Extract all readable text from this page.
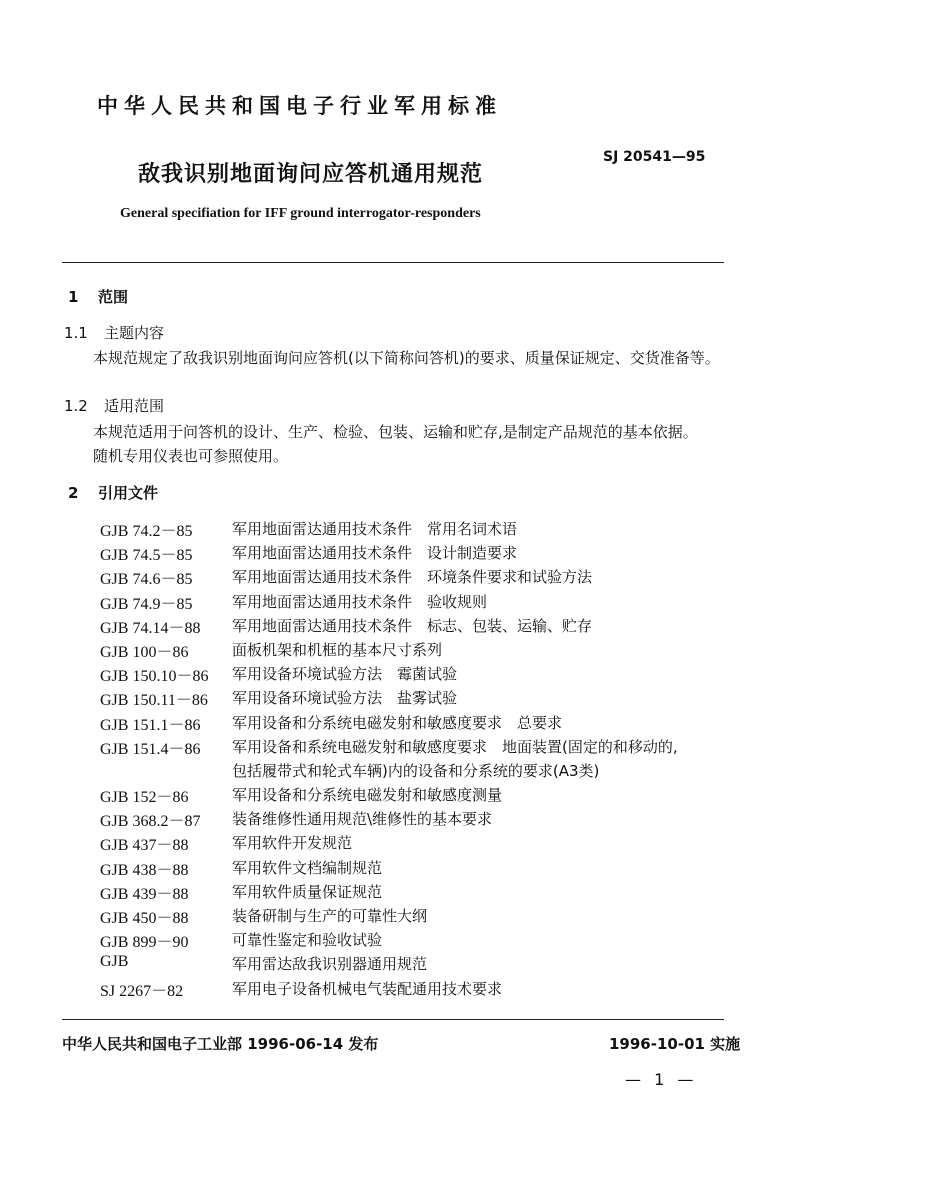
中华人民共和国电子行业军用标准
敌我识别地面询问应答机通用规范
SJ 20541—95
General specifiation for IFF ground interrogator-responders
1 范围
1.1 主题内容
本规范规定了敌我识别地面询问应答机(以下简称问答机)的要求、质量保证规定、交货准备等。
1.2 适用范围
本规范适用于问答机的设计、生产、检验、包装、运输和贮存,是制定产品规范的基本依据。
随机专用仪表也可参照使用。
2 引用文件
GJB 74.2－85	军用地面雷达通用技术条件　常用名词术语
GJB 74.5－85	军用地面雷达通用技术条件　设计制造要求
GJB 74.6－85	军用地面雷达通用技术条件　环境条件要求和试验方法
GJB 74.9－85	军用地面雷达通用技术条件　验收规则
GJB 74.14－88	军用地面雷达通用技术条件　标志、包装、运输、贮存
GJB 100－86	面板机架和机框的基本尺寸系列
GJB 150.10－86	军用设备环境试验方法　霉菌试验
GJB 150.11－86	军用设备环境试验方法　盐雾试验
GJB 151.1－86	军用设备和分系统电磁发射和敏感度要求　总要求
GJB 151.4－86	军用设备和系统电磁发射和敏感度要求　地面装置(固定的和移动的,
	包括履带式和轮式车辆)内的设备和分系统的要求(A3类)
GJB 152－86	军用设备和分系统电磁发射和敏感度测量
GJB 368.2－87	装备维修性通用规范\维修性的基本要求
GJB 437－88	军用软件开发规范
GJB 438－88	军用软件文档编制规范
GJB 439－88	军用软件质量保证规范
GJB 450－88	装备研制与生产的可靠性大纲
GJB 899－90	可靠性鉴定和验收试验
GJB	军用雷达敌我识别器通用规范
SJ 2267－82	军用电子设备机械电气装配通用技术要求
中华人民共和国电子工业部 1996-06-14 发布	1996-10-01 实施
— 1 —
